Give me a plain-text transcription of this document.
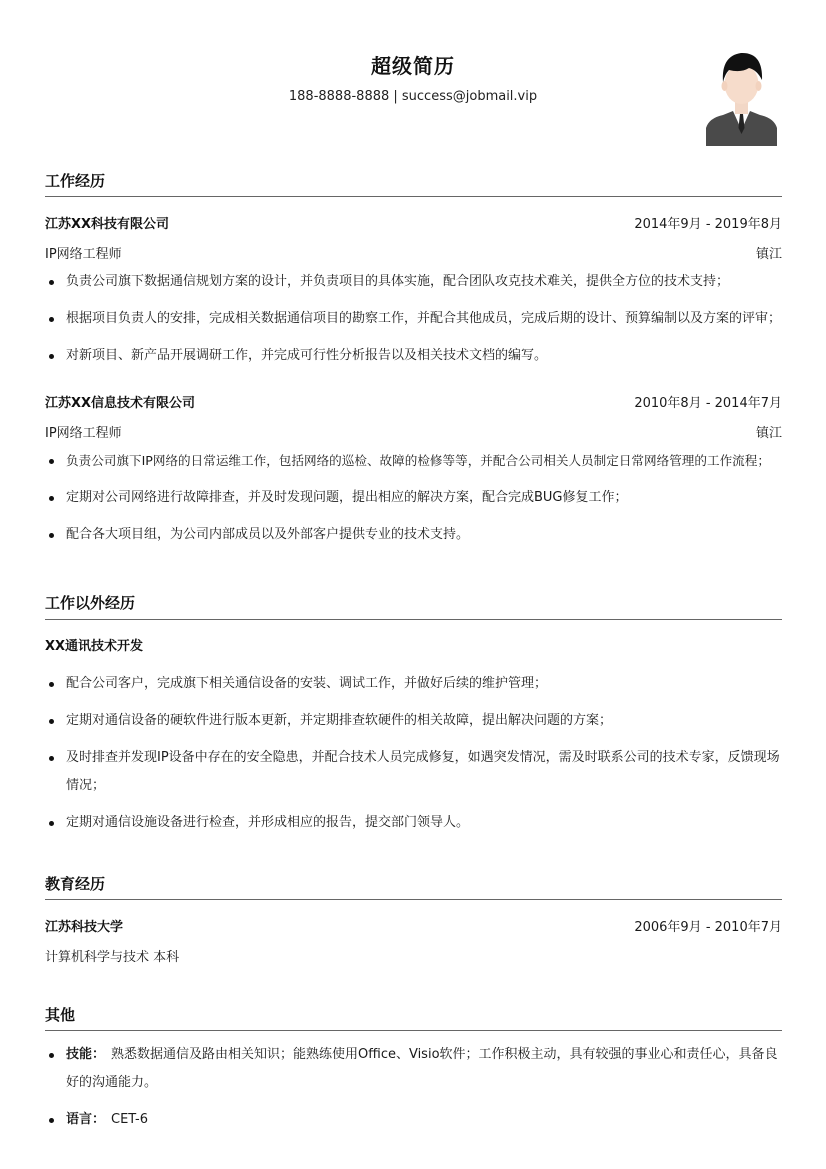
超级简历
188-8888-8888 | success@jobmail.vip
工作经历
江苏XX科技有限公司	2014年9月 - 2019年8月
IP网络工程师	镇江
负责公司旗下数据通信规划方案的设计，并负责项目的具体实施，配合团队攻克技术难关，提供全方位的技术支持；
根据项目负责人的安排，完成相关数据通信项目的勘察工作，并配合其他成员，完成后期的设计、预算编制以及方案的评审；
对新项目、新产品开展调研工作，并完成可行性分析报告以及相关技术文档的编写。
江苏XX信息技术有限公司	2010年8月 - 2014年7月
IP网络工程师	镇江
负责公司旗下IP网络的日常运维工作，包括网络的巡检、故障的检修等等，并配合公司相关人员制定日常网络管理的工作流程；
定期对公司网络进行故障排查，并及时发现问题，提出相应的解决方案，配合完成BUG修复工作；
配合各大项目组，为公司内部成员以及外部客户提供专业的技术支持。
工作以外经历
XX通讯技术开发
配合公司客户，完成旗下相关通信设备的安装、调试工作，并做好后续的维护管理；
定期对通信设备的硬软件进行版本更新，并定期排查软硬件的相关故障，提出解决问题的方案；
及时排查并发现IP设备中存在的安全隐患，并配合技术人员完成修复，如遇突发情况，需及时联系公司的技术专家，反馈现场情况；
定期对通信设施设备进行检查，并形成相应的报告，提交部门领导人。
教育经历
江苏科技大学	2006年9月 - 2010年7月
计算机科学与技术 本科
其他
技能： 熟悉数据通信及路由相关知识；能熟练使用Office、Visio软件；工作积极主动，具有较强的事业心和责任心，具备良好的沟通能力。
语言： CET-6
